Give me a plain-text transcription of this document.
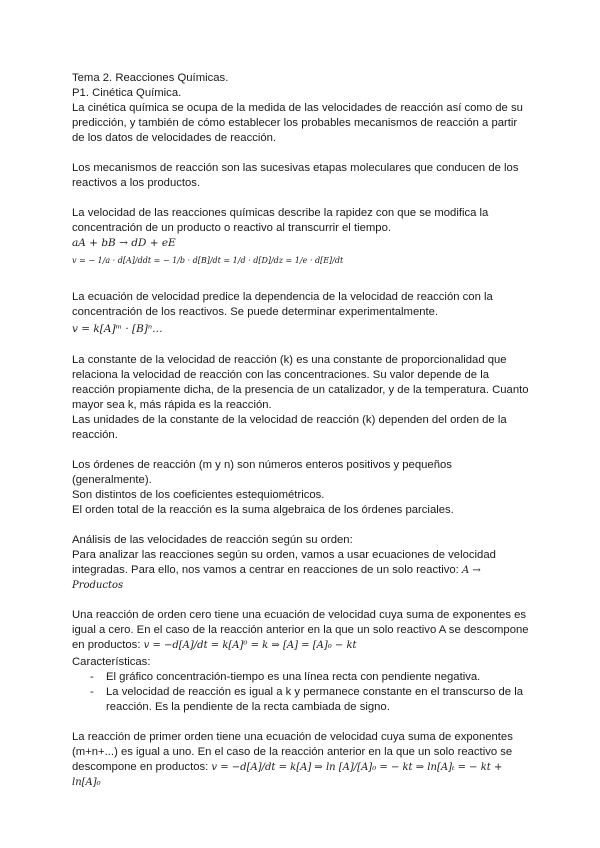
Tema 2. Reacciones Químicas.

P1. Cinética Química.

La cinética química se ocupa de la medida de las velocidades de reacción así como de su predicción, y también de cómo establecer los probables mecanismos de reacción a partir de los datos de velocidades de reacción.

Los mecanismos de reacción son las sucesivas etapas moleculares que conducen de los reactivos a los productos.

La velocidad de las reacciones químicas describe la rapidez con que se modifica la concentración de un producto o reactivo al transcurrir el tiempo.

aA + bB → dD + eE
v = − 1/a · d[A]/ddt = − 1/b · d[B]/dt = 1/d · d[D]/dz = 1/e · d[E]/dt

La ecuación de velocidad predice la dependencia de la velocidad de reacción con la concentración de los reactivos. Se puede determinar experimentalmente.

v = k[A]ᵐ · [B]ⁿ…

La constante de la velocidad de reacción (k) es una constante de proporcionalidad que relaciona la velocidad de reacción con las concentraciones. Su valor depende de la reacción propiamente dicha, de la presencia de un catalizador, y de la temperatura. Cuanto mayor sea k, más rápida es la reacción.

Las unidades de la constante de la velocidad de reacción (k) dependen del orden de la reacción.

Los órdenes de reacción (m y n) son números enteros positivos y pequeños (generalmente).

Son distintos de los coeficientes estequiométricos.

El orden total de la reacción es la suma algebraica de los órdenes parciales.

Análisis de las velocidades de reacción según su orden:

Para analizar las reacciones según su orden, vamos a usar ecuaciones de velocidad integradas. Para ello, nos vamos a centrar en reacciones de un solo reactivo: A → Productos

Una reacción de orden cero tiene una ecuación de velocidad cuya suma de exponentes es igual a cero. En el caso de la reacción anterior en la que un solo reactivo A se descompone en productos: v = −d[A]/dt = k[A]⁰ = k ⇒ [A] = [A]₀ − kt

Características:

- El gráfico concentración-tiempo es una línea recta con pendiente negativa.
- La velocidad de reacción es igual a k y permanece constante en el transcurso de la reacción. Es la pendiente de la recta cambiada de signo.

La reacción de primer orden tiene una ecuación de velocidad cuya suma de exponentes (m+n+...) es igual a uno. En el caso de la reacción anterior en la que un solo reactivo se descompone en productos: v = −d[A]/dt = k[A] ⇒ ln [A]/[A]₀ = − kt ⇒ ln[A]ₜ = − kt + ln[A]₀
